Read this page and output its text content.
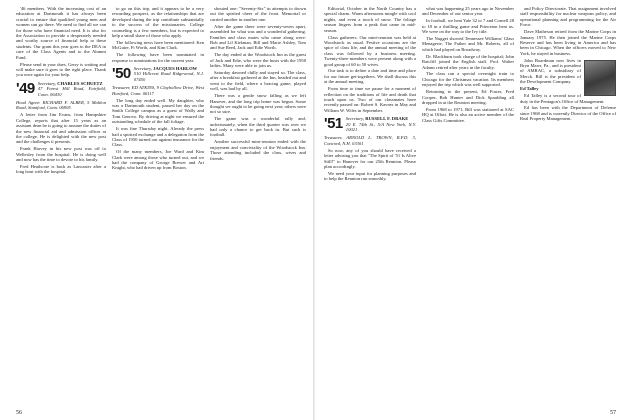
'46 members. With the increasing cost of an education at Dartmouth it has always been crucial to ensure that qualified young men and women can go there. We need to find all we can for those who have financial need. It is also for the Association to provide a desperately needed and worthy source of financial help to these students. Our grant this year goes to the DEA in care of the Class Agents and to the Alumni Fund.

Please send in your dues, Gerry is waiting and will make sure it goes to the right place. Thank you once again for your help.

'49 Secretary, CHARLES SCHUETZ
47 Forest Hill Road, Fairfield, Conn. 06430

Head Agent: RICHARD F. ALBER, 5 Mahlon Road, Stamford, Conn. 06905

A letter from Jim Evans, from Hampshire College, reports that after 15 years as an assistant dean he is going to assume the duties of the new financial aid and admission officer at the college. He is delighted with the new post and the challenges it presents.

Frank Harvey in his new post was off to Wellesley from the hospital. He is doing well and now has the time to devote to his family.

Fred Heathcote is back as Lancaster after a long bout with the hospital.

to go on this trip, and it appears to be a very rewarding prospect, as the relationships that are developed during the trip contribute substantially to the success of the missionaries. College counseling is a few members, but is expected to help a small share of those who apply.

The following news have been mentioned: Ken McGuire, Fi Worth, and Kim Clark.

The following have been nominated in response to nominations for the current year.

'50 Secretary, JACQUES HARLOW
510 Hillcrest Road Ridgewood, N.J. 07450

Treasurer, ED ATKINS, 9 Clayhollow Drive, West Hartford, Conn. 06117

The long day ended well. My daughter, who was a Dartmouth student, passed her day on the Smith College campus as a guest of Wally and Tom Genovo. By driving at night we ensured the outstanding schedule of the fall foliage.

It was fine Thursday night. Already the press had a spirited exchange and a delegation from the Class of 1950 turned out against insurance for the Class.

Of the many members, Joe Ward and Kim Clark were among those who turned out, and we had the company of George Brewer and Art Knight, who had driven up from Boston.

shouted one: "Seventy-Six" in attempts to drown out the spirited cheer of the front. Memorial or carried another in another one.

After the game there were seventy-seven apart, assembled for what was and a wonderful gathering. Families and class mates who came along were: Bob and Lil Kirkman, Bill and Marie Ashley, Tom and Sue Reed, Jack and Edie Worth.

The day ended at the Woodstock Inn as the guest of Jack and Edie, who were the hosts with the 1950 ladies. Many were able to join us.

Saturday dawned chilly and stayed so. The class, after a breakfast gathered at the Inn, headed out and went to the field, where a bracing game, played well, was had by all.

There was a gentle snow falling as we left Hanover, and the long trip home was begun. Some thought we ought to be going next year; others were not so sure.

The game was a wonderful rally and, unfortunately, when the third quarter was over we had only a chance to get back in. But such is football.

Another successful mini-reunion ended with the enjoyment and conviviality of the Woodstock Inn. Those attending included the class, wives and friends.

56

Editorial, October in the North Country has a special charm. Warm afternoons mingle with cool nights, and even a touch of snow. The foliage season lingers from a peak that came in mid-season.

Class gatherers. Our mini-reunion was held at Woodstock as usual. Festive occasions are the spice of class life, and the annual meeting of the class was followed by a business meeting. Twenty-three members were present along with a good group of 60 to 50 wives.

Our task is to define a date and time and place for our future get-togethers. We shall discuss this at the annual meeting.

From time to time we pause for a moment of reflection on the traditions of life and death that touch upon us. Two of our classmates have recently passed on: Robert S. Kavner in May and William W. Wiles in September.

'51 Secretary, RUSSELL F. DRAKE
20 E. 74th St., 5/A New York, N.Y. 10021

Treasurer, ARNOLD L. TROWN, R.F.D. 3, Concord, N.H. 03301

So now, any of you should have received a letter advising you that "The Spirit of '51 Is Alive Still!" to Hanover for our 25th Reunion. Please plan accordingly.

We need your input for planning purposes and to help the Reunion run smoothly.

what was happening 25 years ago in November and December of our senior year.

In football, we beat Yale 32 to 7 and Cornell 28 to 18 in a thrilling game and Princeton beat us. We were on the way to the Ivy title.

The Nugget showed Tennessee Williams' Glass Menagerie, The Father and Mr. Roberts, all of which had played on Broadway.

Dr. Blackburn took charge of the hospital; John Ratcliff joined the English staff. Prof. Walter Adams retired after years in the faculty.

The class ran a special overnight train to Chicago for the Christmas vacation. Its members enjoyed the trip which was well supported.

Returning to the present, Ed Foster, Fred Cooper, Bob Hunter and Dick Spaulding all dropped in at the Reunion meeting.

From 1968 to 1971, Bill was stationed at SAC HQ at Offutt. He is also an active member of the Class Gifts Committee.

and Policy Directorate. That assignment involved staff responsibility for nuclear weapons policy, and operational planning and programming for the Air Force.

Dave Matheson retired from the Marine Corps in January 1975. He then joined the Marine Corps Reserve and has been living in America and has been in Chicago. When the officers moved to New York, he stayed in business.

John Boardman now lives in Bryn Mawr, Pa., and is president of AMRAC, a subsidiary of Merck. Bill is the president of the Development Company.

Ed Talley

Ed Talley is a second tour of duty in the Pentagon's Office of Management.

Ed has been with the Department of Defense since 1968 and is currently Director of the Office of Real Property Management.

57
